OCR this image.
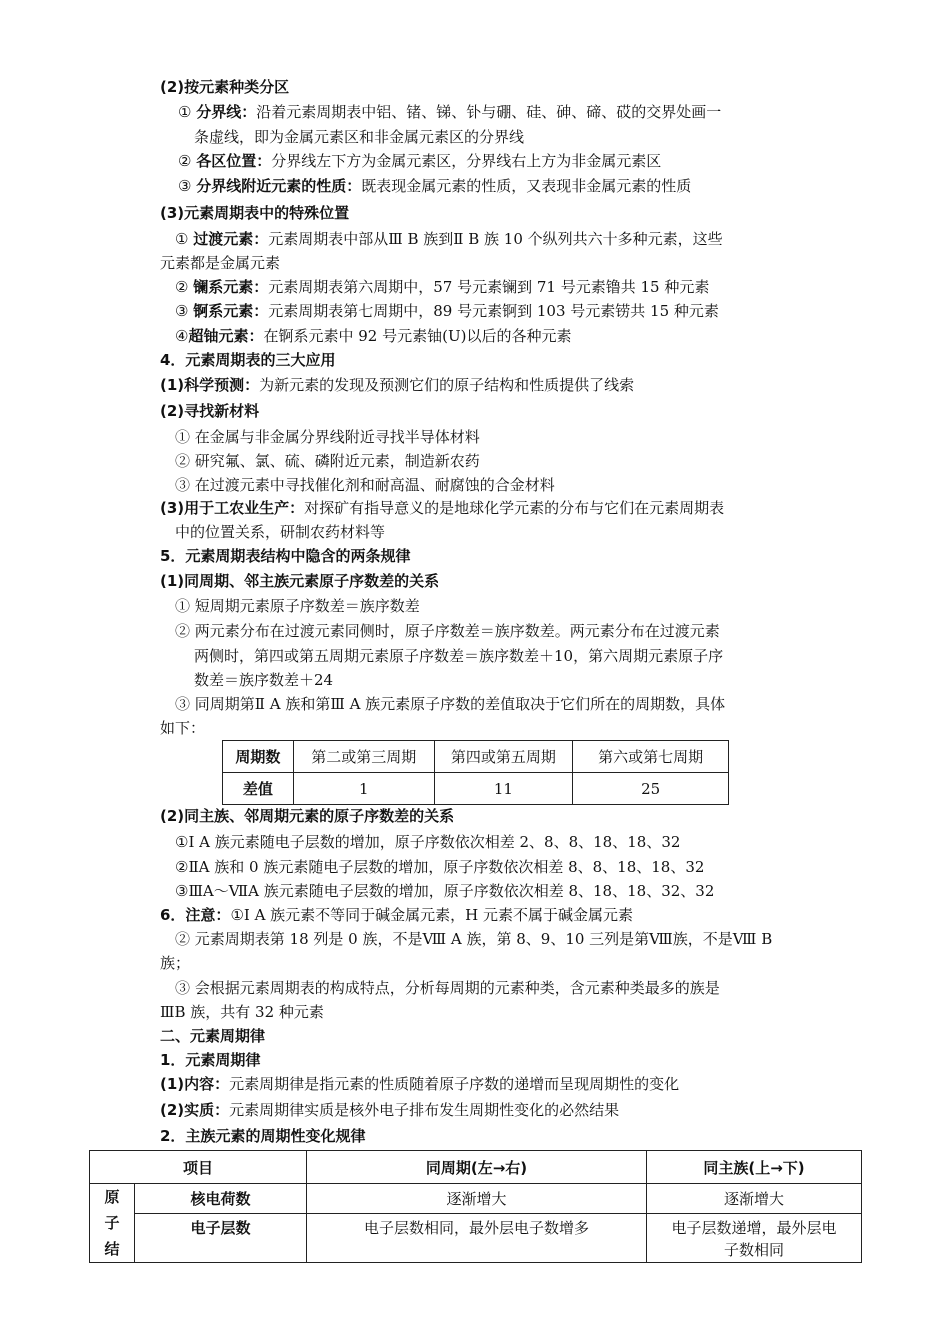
(2)按元素种类分区
① 分界线：沿着元素周期表中铝、锗、锑、钋与硼、硅、砷、碲、砹的交界处画一
条虚线，即为金属元素区和非金属元素区的分界线
② 各区位置：分界线左下方为金属元素区，分界线右上方为非金属元素区
③ 分界线附近元素的性质：既表现金属元素的性质，又表现非金属元素的性质
(3)元素周期表中的特殊位置
① 过渡元素：元素周期表中部从Ⅲ B 族到Ⅱ B 族 10 个纵列共六十多种元素，这些
元素都是金属元素
② 镧系元素：元素周期表第六周期中，57 号元素镧到 71 号元素镥共 15 种元素
③ 锕系元素：元素周期表第七周期中，89 号元素锕到 103 号元素铹共 15 种元素
④超铀元素：在锕系元素中 92 号元素铀(U)以后的各种元素
4．元素周期表的三大应用
(1)科学预测：为新元素的发现及预测它们的原子结构和性质提供了线索
(2)寻找新材料
① 在金属与非金属分界线附近寻找半导体材料
② 研究氟、氯、硫、磷附近元素，制造新农药
③ 在过渡元素中寻找催化剂和耐高温、耐腐蚀的合金材料
(3)用于工农业生产：对探矿有指导意义的是地球化学元素的分布与它们在元素周期表
中的位置关系，研制农药材料等
5．元素周期表结构中隐含的两条规律
(1)同周期、邻主族元素原子序数差的关系
① 短周期元素原子序数差＝族序数差
② 两元素分布在过渡元素同侧时，原子序数差＝族序数差。两元素分布在过渡元素
两侧时，第四或第五周期元素原子序数差＝族序数差＋10，第六周期元素原子序
数差＝族序数差＋24
③ 同周期第Ⅱ A 族和第Ⅲ A 族元素原子序数的差值取决于它们所在的周期数，具体
如下：
周期数	第二或第三周期	第四或第五周期	第六或第七周期
差值	1	11	25
(2)同主族、邻周期元素的原子序数差的关系
①Ⅰ A 族元素随电子层数的增加，原子序数依次相差 2、8、8、18、18、32
②ⅡA 族和 0 族元素随电子层数的增加，原子序数依次相差 8、8、18、18、32
③ⅢA～ⅦA 族元素随电子层数的增加，原子序数依次相差 8、18、18、32、32
6．注意：①Ⅰ A 族元素不等同于碱金属元素，H 元素不属于碱金属元素
② 元素周期表第 18 列是 0 族，不是Ⅷ A 族，第 8、9、10 三列是第Ⅷ族，不是Ⅷ B
族；
③ 会根据元素周期表的构成特点，分析每周期的元素种类，含元素种类最多的族是
ⅢB 族，共有 32 种元素
二、元素周期律
1．元素周期律
(1)内容：元素周期律是指元素的性质随着原子序数的递增而呈现周期性的变化
(2)实质：元素周期律实质是核外电子排布发生周期性变化的必然结果
2．主族元素的周期性变化规律
项目		同周期(左→右)	同主族(上→下)

原
子
结	核电荷数	逐渐增大	逐渐增大
	电子层数	电子层数相同，最外层电子数增多	电子层数递增，最外层电
子数相同
